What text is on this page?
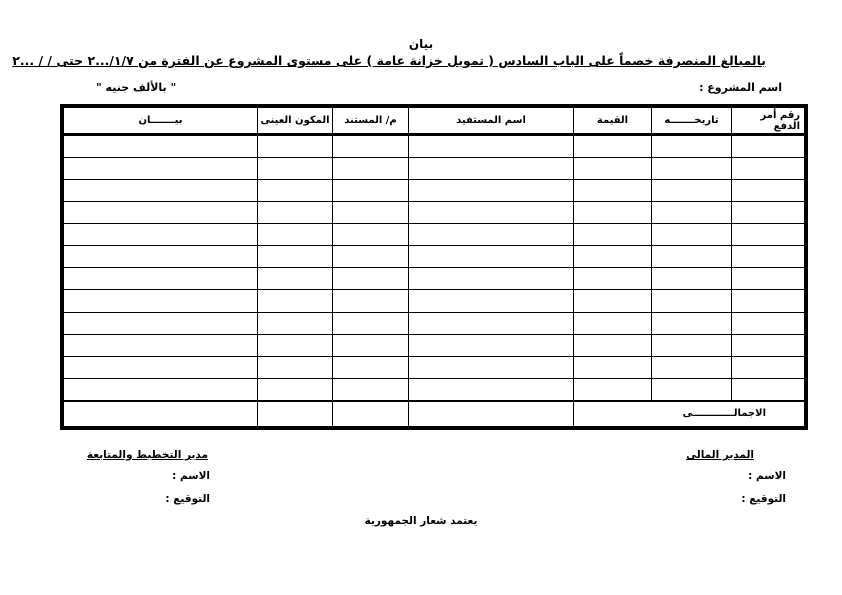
بيان
بالمبالغ المنصرفة خصماً على الباب السادس ( تمويل خزانة عامة ) على مستوى المشروع عن الفترة من ١/٧/...٢ حتى / / ...٢
اسم المشروع :
" بالألف جنيه "
رقم أمر الدفع	تاريخـــــــه	القيمة	اسم المستفيد	م/ المستند	المكون العينى	بيـــــــان

الاجمالــــــــــــى						
المدير المالى
الاسم :
التوقيع :
مدير التخطيط والمتابعة
الاسم :
التوقيع :
يعتمد شعار الجمهورية
